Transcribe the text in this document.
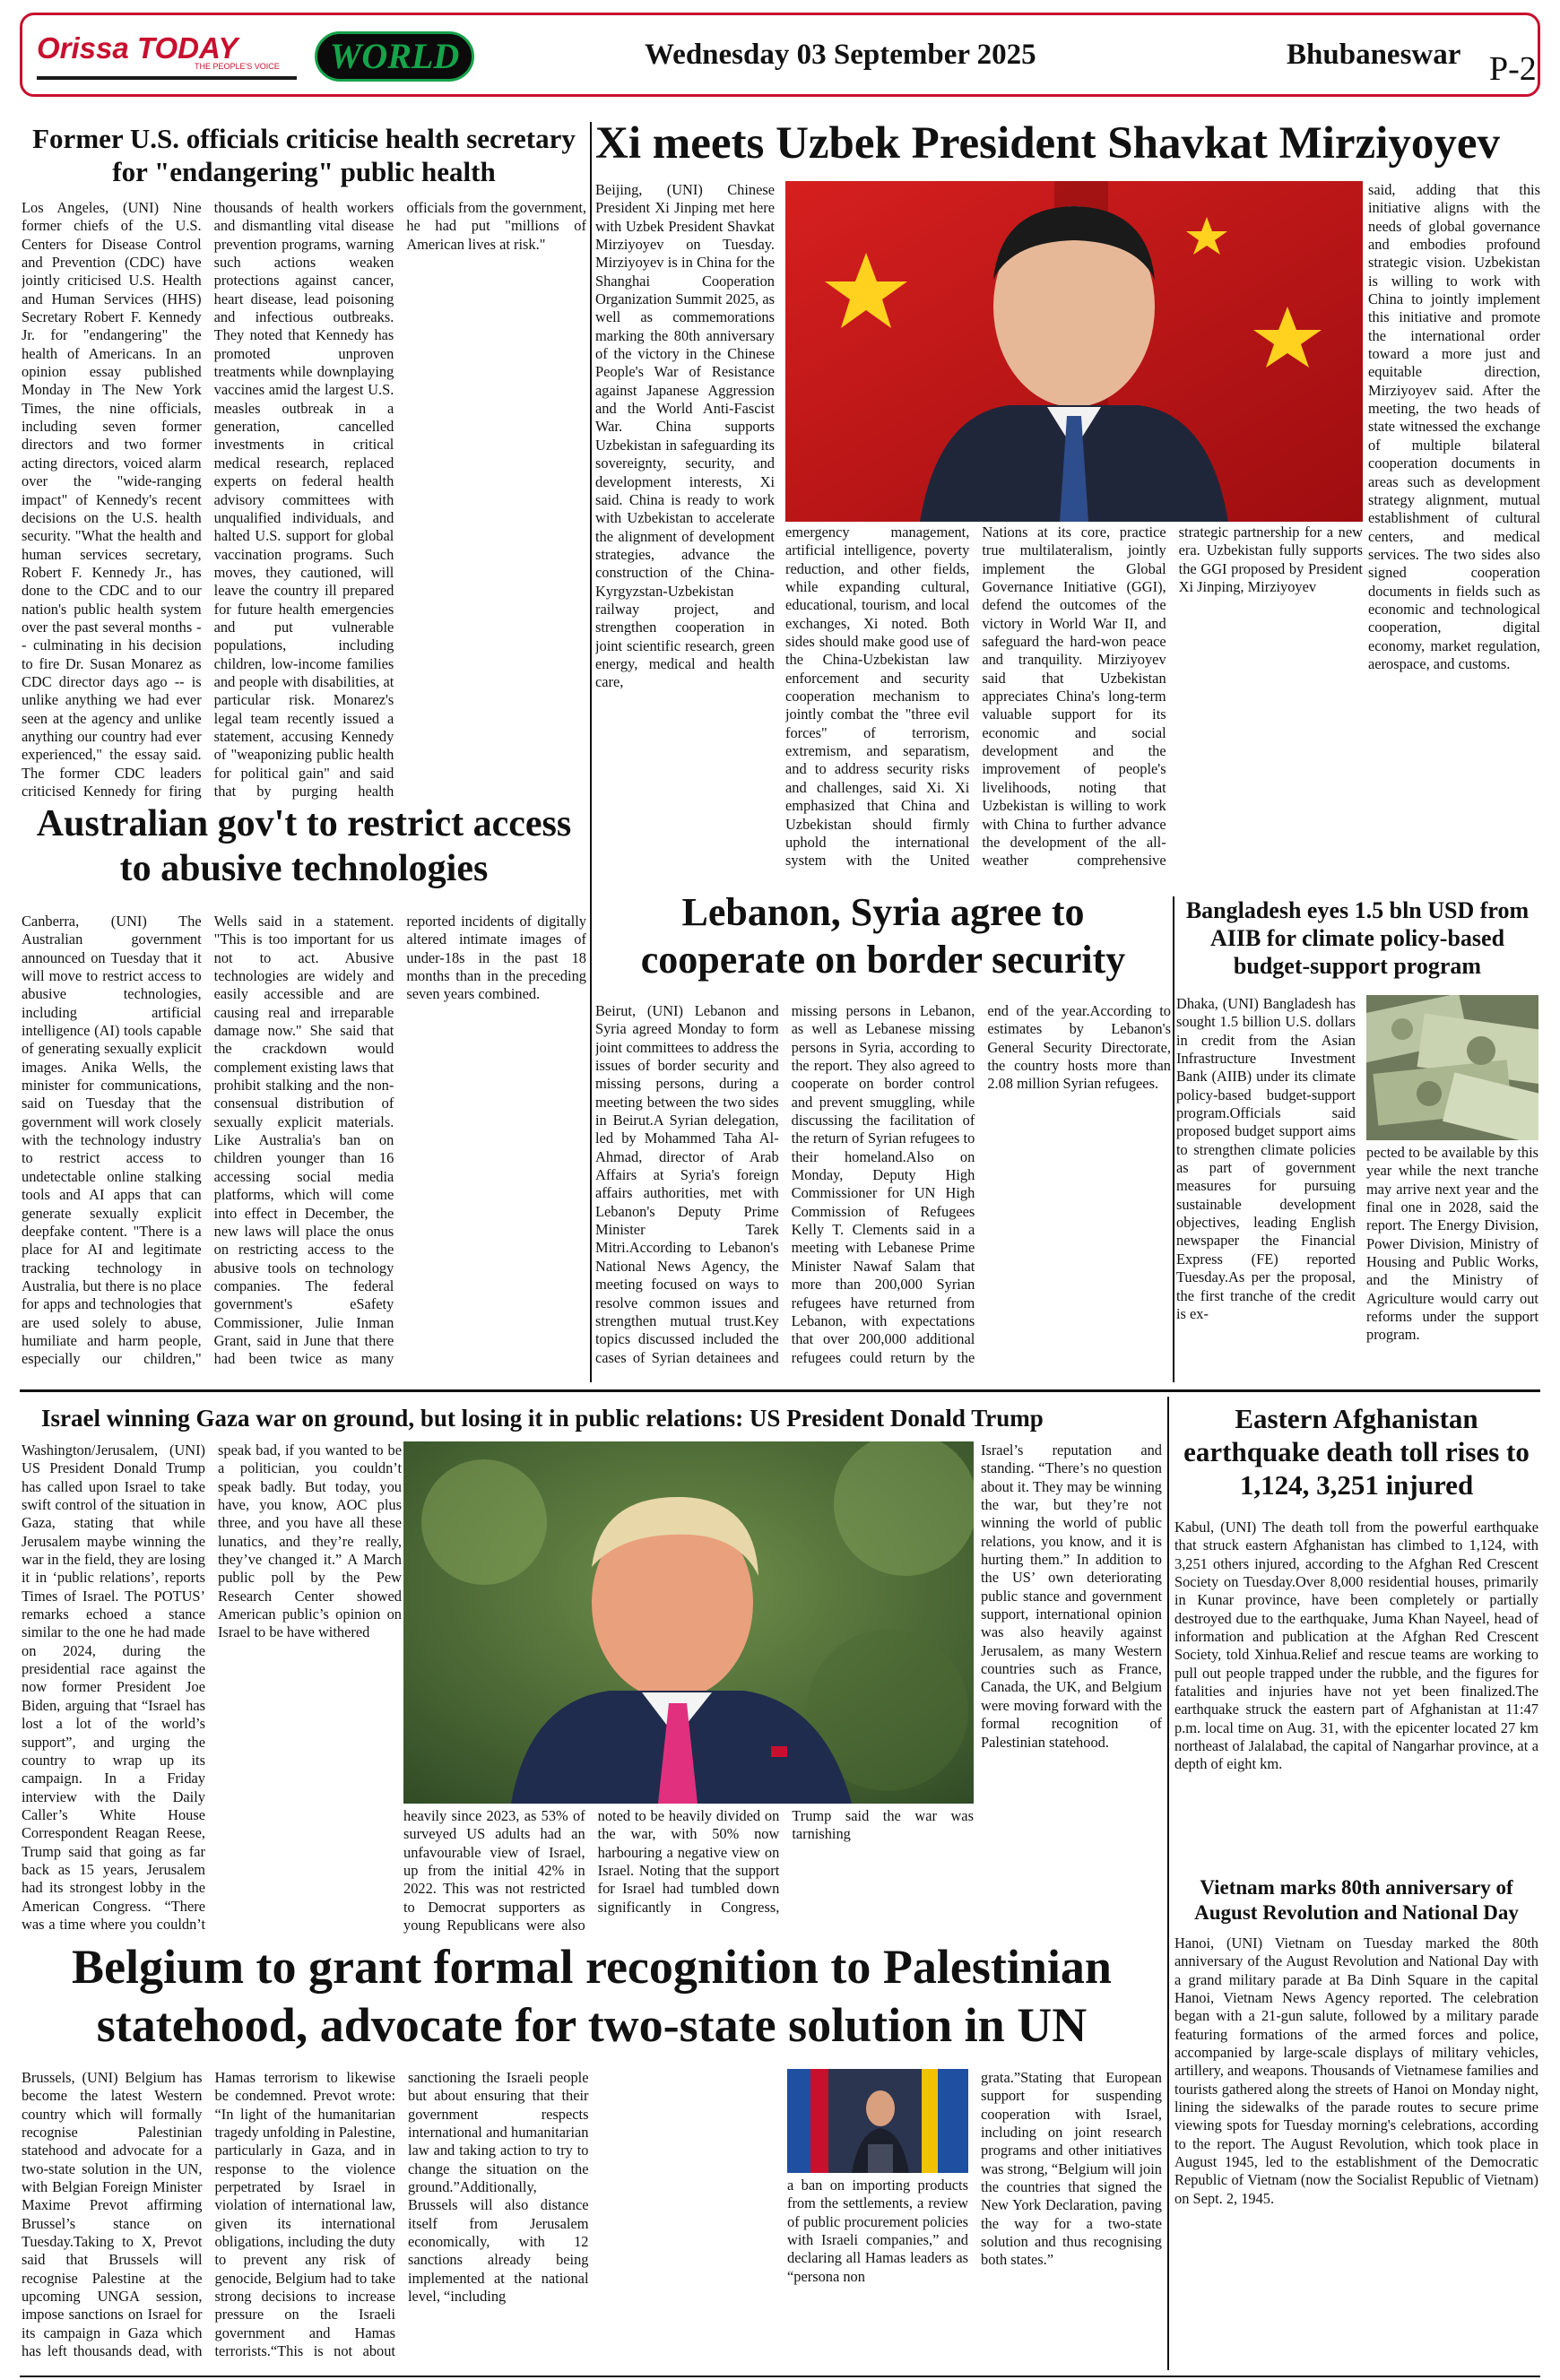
Orissa TODAY
THE PEOPLE'S VOICE	WORLD	Wednesday 03 September 2025	Bhubaneswar P-2
Former U.S. officials criticise health secretary for "endangering" public health
Los Angeles, (UNI) Nine former chiefs of the U.S. Centers for Disease Control and Prevention (CDC) have jointly criticised U.S. Health and Human Services (HHS) Secretary Robert F. Kennedy Jr. for "endangering" the health of Americans. In an opinion essay published Monday in The New York Times, the nine officials, including seven former directors and two former acting directors, voiced alarm over the "wide-ranging impact" of Kennedy's recent decisions on the U.S. health security. "What the health and human services secretary, Robert F. Kennedy Jr., has done to the CDC and to our nation's public health system over the past several months -- culminating in his decision to fire Dr. Susan Monarez as CDC director days ago -- is unlike anything we had ever seen at the agency and unlike anything our country had ever experienced," the essay said. The former CDC leaders criticised Kennedy for firing thousands of health workers and dismantling vital disease prevention programs, warning such actions weaken protections against cancer, heart disease, lead poisoning and infectious outbreaks. They noted that Kennedy has promoted unproven treatments while downplaying vaccines amid the largest U.S. measles outbreak in a generation, cancelled investments in critical medical research, replaced experts on federal health advisory committees with unqualified individuals, and halted U.S. support for global vaccination programs. Such moves, they cautioned, will leave the country ill prepared for future health emergencies and put vulnerable populations, including children, low-income families and people with disabilities, at particular risk. Monarez's legal team recently issued a statement, accusing Kennedy of "weaponizing public health for political gain" and said that by purging health officials from the government, he had put "millions of American lives at risk."
Australian gov't to restrict access to abusive technologies
Canberra, (UNI) The Australian government announced on Tuesday that it will move to restrict access to abusive technologies, including artificial intelligence (AI) tools capable of generating sexually explicit images. Anika Wells, the minister for communications, said on Tuesday that the government will work closely with the technology industry to restrict access to undetectable online stalking tools and AI apps that can generate sexually explicit deepfake content. "There is a place for AI and legitimate tracking technology in Australia, but there is no place for apps and technologies that are used solely to abuse, humiliate and harm people, especially our children," Wells said in a statement. "This is too important for us not to act. Abusive technologies are widely and easily accessible and are causing real and irreparable damage now." She said that the crackdown would complement existing laws that prohibit stalking and the non-consensual distribution of sexually explicit materials. Like Australia's ban on children younger than 16 accessing social media platforms, which will come into effect in December, the new laws will place the onus on restricting access to the abusive tools on technology companies. The federal government's eSafety Commissioner, Julie Inman Grant, said in June that there had been twice as many reported incidents of digitally altered intimate images of under-18s in the past 18 months than in the preceding seven years combined.
Xi meets Uzbek President Shavkat Mirziyoyev
Beijing, (UNI) Chinese President Xi Jinping met here with Uzbek President Shavkat Mirziyoyev on Tuesday. Mirziyoyev is in China for the Shanghai Cooperation Organization Summit 2025, as well as commemorations marking the 80th anniversary of the victory in the Chinese People's War of Resistance against Japanese Aggression and the World Anti-Fascist War. China supports Uzbekistan in safeguarding its sovereignty, security, and development interests, Xi said. China is ready to work with Uzbekistan to accelerate the alignment of development strategies, advance the construction of the China-Kyrgyzstan-Uzbekistan railway project, and strengthen cooperation in joint scientific research, green energy, medical and health care,
emergency management, artificial intelligence, poverty reduction, and other fields, while expanding cultural, educational, tourism, and local exchanges, Xi noted. Both sides should make good use of the China-Uzbekistan law enforcement and security cooperation mechanism to jointly combat the "three evil forces" of terrorism, extremism, and separatism, and to address security risks and challenges, said Xi. Xi emphasized that China and Uzbekistan should firmly uphold the international system with the United Nations at its core, practice true multilateralism, jointly implement the Global Governance Initiative (GGI), defend the outcomes of the victory in World War II, and safeguard the hard-won peace and tranquility. Mirziyoyev said that Uzbekistan appreciates China's long-term valuable support for its economic and social development and the improvement of people's livelihoods, noting that Uzbekistan is willing to work with China to further advance the development of the all-weather comprehensive strategic partnership for a new era. Uzbekistan fully supports the GGI proposed by President Xi Jinping, Mirziyoyev
said, adding that this initiative aligns with the needs of global governance and embodies profound strategic vision. Uzbekistan is willing to work with China to jointly implement this initiative and promote the international order toward a more just and equitable direction, Mirziyoyev said. After the meeting, the two heads of state witnessed the exchange of multiple bilateral cooperation documents in areas such as development strategy alignment, mutual establishment of cultural centers, and medical services. The two sides also signed cooperation documents in fields such as economic and technological cooperation, digital economy, market regulation, aerospace, and customs.
Lebanon, Syria agree to cooperate on border security
Beirut, (UNI) Lebanon and Syria agreed Monday to form joint committees to address the issues of border security and missing persons, during a meeting between the two sides in Beirut.A Syrian delegation, led by Mohammed Taha Al-Ahmad, director of Arab Affairs at Syria's foreign affairs authorities, met with Lebanon's Deputy Prime Minister Tarek Mitri.According to Lebanon's National News Agency, the meeting focused on ways to resolve common issues and strengthen mutual trust.Key topics discussed included the cases of Syrian detainees and missing persons in Lebanon, as well as Lebanese missing persons in Syria, according to the report. They also agreed to cooperate on border control and prevent smuggling, while discussing the facilitation of the return of Syrian refugees to their homeland.Also on Monday, Deputy High Commissioner for UN High Commission of Refugees Kelly T. Clements said in a meeting with Lebanese Prime Minister Nawaf Salam that more than 200,000 Syrian refugees have returned from Lebanon, with expectations that over 200,000 additional refugees could return by the end of the year.According to estimates by Lebanon's General Security Directorate, the country hosts more than 2.08 million Syrian refugees.
Bangladesh eyes 1.5 bln USD from AIIB for climate policy-based budget-support program
Dhaka, (UNI) Bangladesh has sought 1.5 billion U.S. dollars in credit from the Asian Infrastructure Investment Bank (AIIB) under its climate policy-based budget-support program.Officials said proposed budget support aims to strengthen climate policies as part of government measures for pursuing sustainable development objectives, leading English newspaper the Financial Express (FE) reported Tuesday.As per the proposal, the first tranche of the credit is ex-
pected to be available by this year while the next tranche may arrive next year and the final one in 2028, said the report. The Energy Division, Power Division, Ministry of Housing and Public Works, and the Ministry of Agriculture would carry out reforms under the support program.
Israel winning Gaza war on ground, but losing it in public relations: US President Donald Trump
Washington/Jerusalem, (UNI) US President Donald Trump has called upon Israel to take swift control of the situation in Gaza, stating that while Jerusalem maybe winning the war in the field, they are losing it in ‘public relations’, reports Times of Israel. The POTUS’ remarks echoed a stance similar to the one he had made on 2024, during the presidential race against the now former President Joe Biden, arguing that “Israel has lost a lot of the world’s support”, and urging the country to wrap up its campaign. In a Friday interview with the Daily Caller’s White House Correspondent Reagan Reese, Trump said that going as far back as 15 years, Jerusalem had its strongest lobby in the American Congress. “There was a time where you couldn’t speak bad, if you wanted to be a politician, you couldn’t speak badly. But today, you have, you know, AOC plus three, and you have all these lunatics, and they’re really, they’ve changed it.” A March public poll by the Pew Research Center showed American public’s opinion on Israel to be have withered
heavily since 2023, as 53% of surveyed US adults had an unfavourable view of Israel, up from the initial 42% in 2022. This was not restricted to Democrat supporters as young Republicans were also noted to be heavily divided on the war, with 50% now harbouring a negative view on Israel. Noting that the support for Israel had tumbled down significantly in Congress, Trump said the war was tarnishing
Israel’s reputation and standing. “There’s no question about it. They may be winning the war, but they’re not winning the world of public relations, you know, and it is hurting them.” In addition to the US’ own deteriorating public stance and government support, international opinion was also heavily against Jerusalem, as many Western countries such as France, Canada, the UK, and Belgium were moving forward with the formal recognition of Palestinian statehood.
Eastern Afghanistan earthquake death toll rises to 1,124, 3,251 injured
Kabul, (UNI) The death toll from the powerful earthquake that struck eastern Afghanistan has climbed to 1,124, with 3,251 others injured, according to the Afghan Red Crescent Society on Tuesday.Over 8,000 residential houses, primarily in Kunar province, have been completely or partially destroyed due to the earthquake, Juma Khan Nayeel, head of information and publication at the Afghan Red Crescent Society, told Xinhua.Relief and rescue teams are working to pull out people trapped under the rubble, and the figures for fatalities and injuries have not yet been finalized.The earthquake struck the eastern part of Afghanistan at 11:47 p.m. local time on Aug. 31, with the epicenter located 27 km northeast of Jalalabad, the capital of Nangarhar province, at a depth of eight km.
Vietnam marks 80th anniversary of August Revolution and National Day
Hanoi, (UNI) Vietnam on Tuesday marked the 80th anniversary of the August Revolution and National Day with a grand military parade at Ba Dinh Square in the capital Hanoi, Vietnam News Agency reported. The celebration began with a 21-gun salute, followed by a military parade featuring formations of the armed forces and police, accompanied by large-scale displays of military vehicles, artillery, and weapons. Thousands of Vietnamese families and tourists gathered along the streets of Hanoi on Monday night, lining the sidewalks of the parade routes to secure prime viewing spots for Tuesday morning's celebrations, according to the report. The August Revolution, which took place in August 1945, led to the establishment of the Democratic Republic of Vietnam (now the Socialist Republic of Vietnam) on Sept. 2, 1945.
Belgium to grant formal recognition to Palestinian statehood, advocate for two-state solution in UN
Brussels, (UNI) Belgium has become the latest Western country which will formally recognise Palestinian statehood and advocate for a two-state solution in the UN, with Belgian Foreign Minister Maxime Prevot affirming Brussel’s stance on Tuesday.Taking to X, Prevot said that Brussels will recognise Palestine at the upcoming UNGA session, impose sanctions on Israel for its campaign in Gaza which has left thousands dead, with Hamas terrorism to likewise be condemned. Prevot wrote: “In light of the humanitarian tragedy unfolding in Palestine, particularly in Gaza, and in response to the violence perpetrated by Israel in violation of international law, given its international obligations, including the duty to prevent any risk of genocide, Belgium had to take strong decisions to increase pressure on the Israeli government and Hamas terrorists.“This is not about sanctioning the Israeli people but about ensuring that their government respects international and humanitarian law and taking action to try to change the situation on the ground.”Additionally, Brussels will also distance itself from Jerusalem economically, with 12 sanctions already being implemented at the national level, “including
a ban on importing products from the settlements, a review of public procurement policies with Israeli companies,” and declaring all Hamas leaders as “persona non
grata.”Stating that European support for suspending cooperation with Israel, including on joint research programs and other initiatives was strong, “Belgium will join the countries that signed the New York Declaration, paving the way for a two-state solution and thus recognising both states.”
